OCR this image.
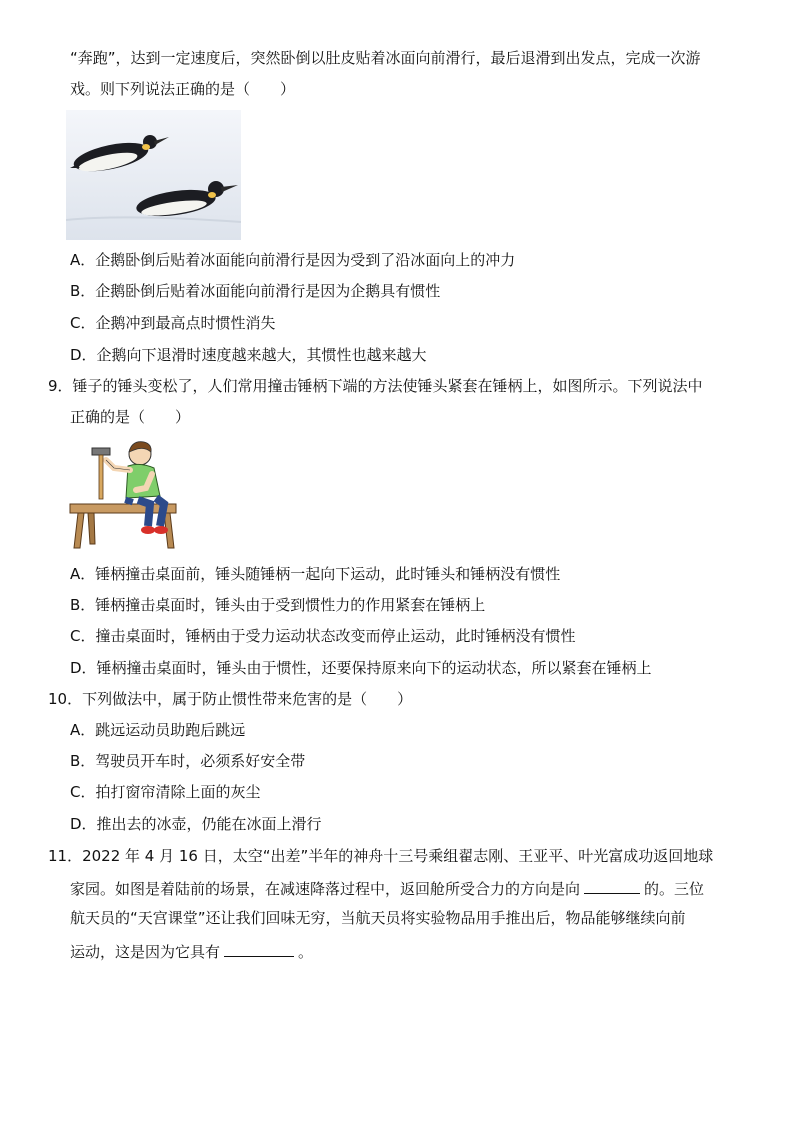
“奔跑”，达到一定速度后，突然卧倒以肚皮贴着冰面向前滑行，最后退滑到出发点，完成一次游
戏。则下列说法正确的是（　　）
A．企鹅卧倒后贴着冰面能向前滑行是因为受到了沿冰面向上的冲力
B．企鹅卧倒后贴着冰面能向前滑行是因为企鹅具有惯性
C．企鹅冲到最高点时惯性消失
D．企鹅向下退滑时速度越来越大，其惯性也越来越大
9．锤子的锤头变松了，人们常用撞击锤柄下端的方法使锤头紧套在锤柄上，如图所示。下列说法中
正确的是（　　）
A．锤柄撞击桌面前，锤头随锤柄一起向下运动，此时锤头和锤柄没有惯性
B．锤柄撞击桌面时，锤头由于受到惯性力的作用紧套在锤柄上
C．撞击桌面时，锤柄由于受力运动状态改变而停止运动，此时锤柄没有惯性
D．锤柄撞击桌面时，锤头由于惯性，还要保持原来向下的运动状态，所以紧套在锤柄上
10．下列做法中，属于防止惯性带来危害的是（　　）
A．跳远运动员助跑后跳远
B．驾驶员开车时，必须系好安全带
C．拍打窗帘清除上面的灰尘
D．推出去的冰壶，仍能在冰面上滑行
11．2022 年 4 月 16 日，太空“出差”半年的神舟十三号乘组翟志刚、王亚平、叶光富成功返回地球
家园。如图是着陆前的场景，在减速降落过程中，返回舱所受合力的方向是向	的。三位
航天员的“天宫课堂”还让我们回味无穷，当航天员将实验物品用手推出后，物品能够继续向前
运动，这是因为它具有	。
